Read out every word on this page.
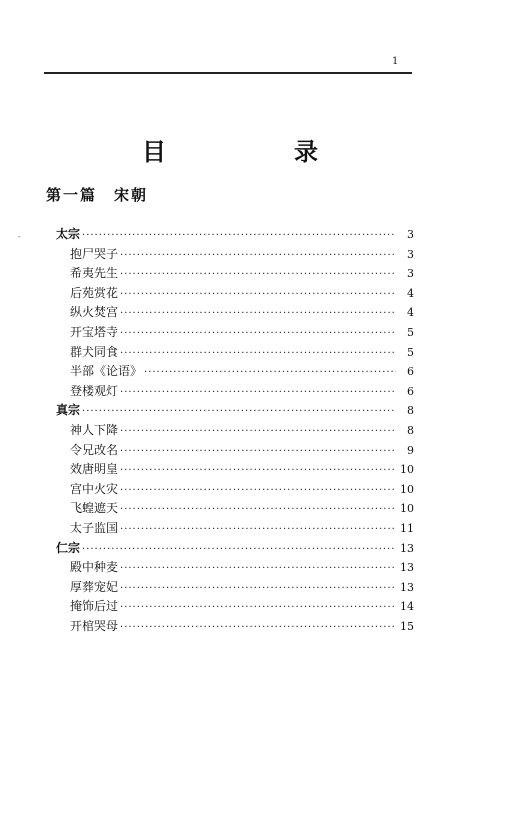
1
目　录
第一篇　宋朝
-	太宗 ·····	3
抱尸哭子 ·····	3
希夷先生 ·····	3
后苑赏花 ·····	4
纵火焚宫 ·····	4
开宝塔寺 ·····	5
群犬同食 ·····	5
半部《论语》 ·····	6
登楼观灯 ·····	6
真宗 ·····	8
神人下降 ·····	8
令兄改名 ·····	9
效唐明皇 ·····	10
宫中火灾 ·····	10
飞蝗遮天 ·····	10
太子监国 ·····	11
仁宗 ·····	13
殿中种麦 ·····	13
厚葬宠妃 ·····	13
掩饰后过 ·····	14
开棺哭母 ·····	15
